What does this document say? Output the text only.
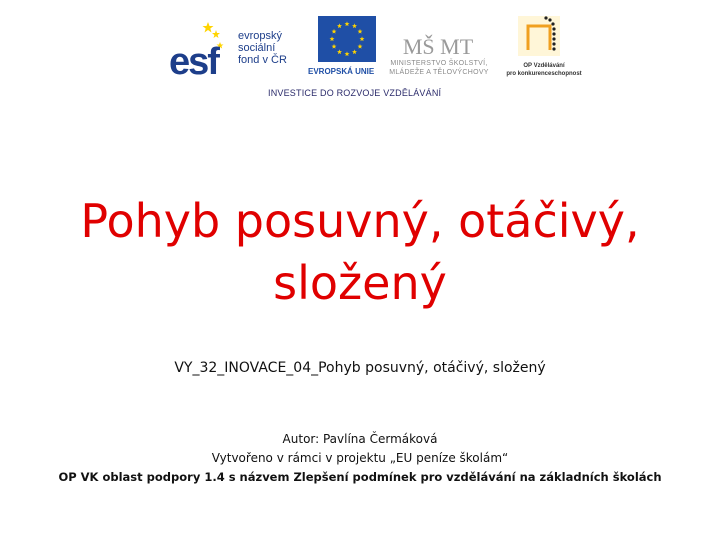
esf
evropský
sociální
fond v ČR
EVROPSKÁ UNIE
MŠ MT
MINISTERSTVO ŠKOLSTVÍ,
MLÁDEŽE A TĚLOVÝCHOVY
OP Vzdělávání
pro konkurenceschopnost
INVESTICE DO ROZVOJE VZDĚLÁVÁNÍ
Pohyb posuvný, otáčivý,
složený
VY_32_INOVACE_04_Pohyb posuvný, otáčivý, složený
Autor: Pavlína Čermáková
Vytvořeno v rámci v projektu „EU peníze školám“
OP VK oblast podpory 1.4 s názvem Zlepšení podmínek pro vzdělávání na základních školách
